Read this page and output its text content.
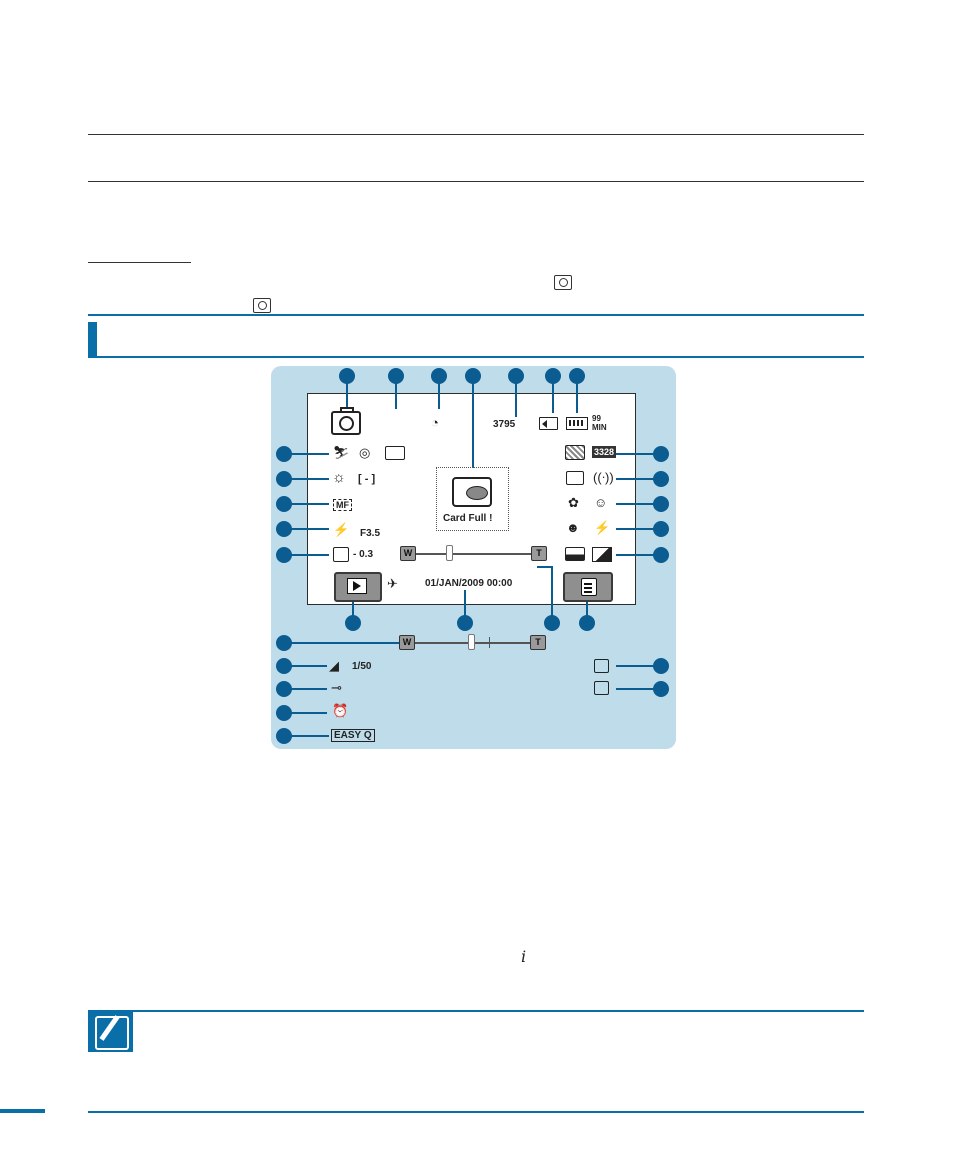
◔	3795
99
MIN
⛷ ◎
☼ [ - ]
MF
⚡ F3.5
- 0.3
Card Full !
3328
((ᐧ))
✿ ☺
☻ ⚡
W	T
✈	01/JAN/2009 00:00
W	T
◢ 1/50
⊸
⏰
EASY Q
i
